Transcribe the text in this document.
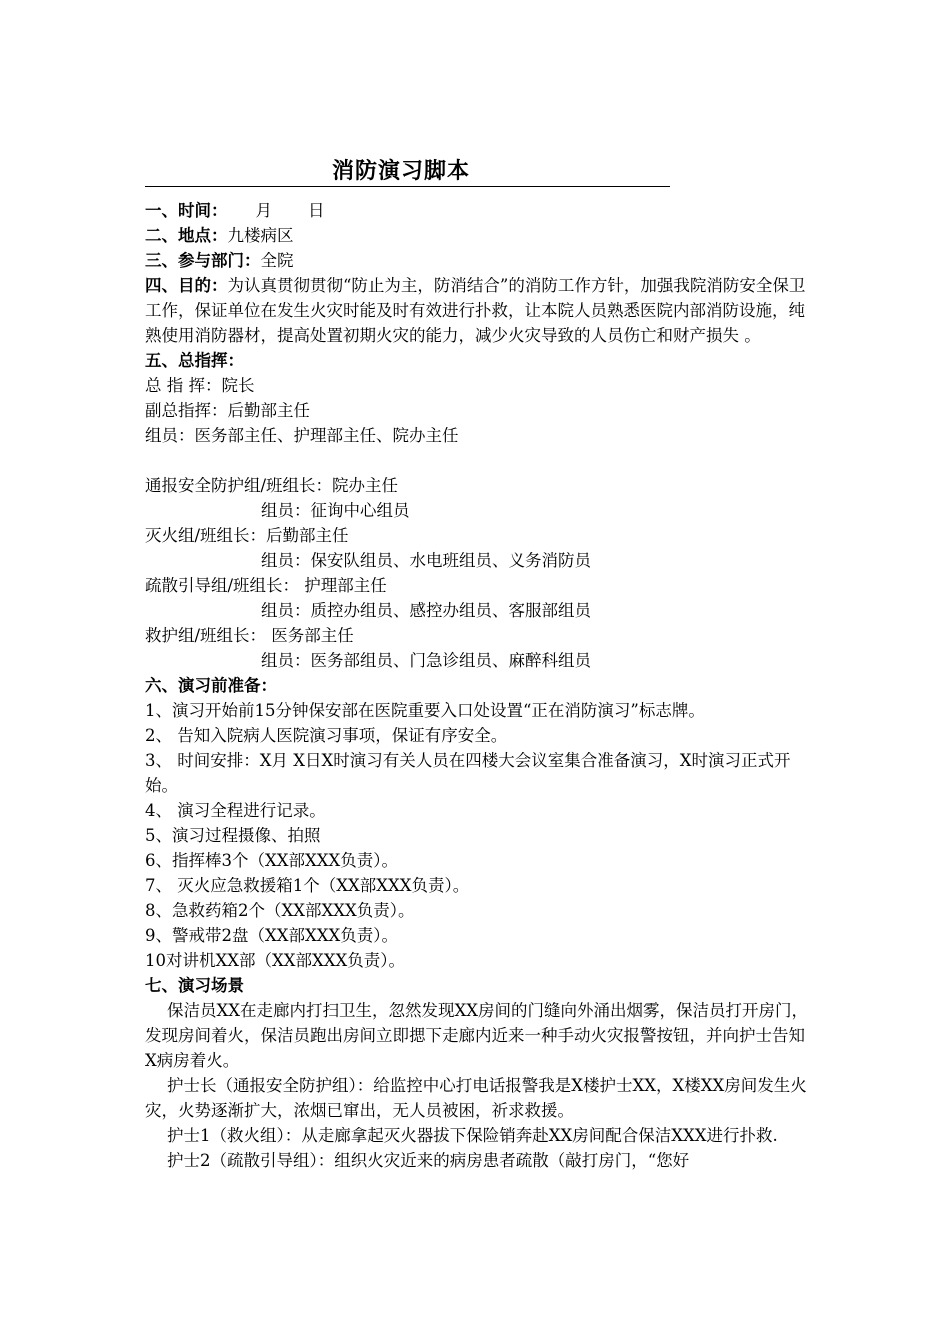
消防演习脚本
一、时间： 月 日
二、地点：九楼病区
三、参与部门：全院
四、目的：为认真贯彻贯彻“防止为主，防消结合”的消防工作方针，加强我院消防安全保卫工作，保证单位在发生火灾时能及时有效进行扑救，让本院人员熟悉医院内部消防设施，纯熟使用消防器材，提高处置初期火灾的能力，减少火灾导致的人员伤亡和财产损失 。
五、总指挥：
总 指 挥：院长
副总指挥：后勤部主任
组员：医务部主任、护理部主任、院办主任
通报安全防护组/班组长：院办主任
组员：征询中心组员
灭火组/班组长：后勤部主任
组员：保安队组员、水电班组员、义务消防员
疏散引导组/班组长： 护理部主任
组员：质控办组员、感控办组员、客服部组员
救护组/班组长： 医务部主任
组员：医务部组员、门急诊组员、麻醉科组员
六、演习前准备：
1、演习开始前15分钟保安部在医院重要入口处设置“正在消防演习”标志牌。
2、 告知入院病人医院演习事项，保证有序安全。
3、 时间安排：X月 X日X时演习有关人员在四楼大会议室集合准备演习，X时演习正式开始。
4、 演习全程进行记录。
5、演习过程摄像、拍照
6、指挥棒3个（XX部XXX负责）。
7、 灭火应急救援箱1个（XX部XXX负责）。
8、急救药箱2个（XX部XXX负责）。
9、警戒带2盘（XX部XXX负责）。
10对讲机XX部（XX部XXX负责）。
七、演习场景
保洁员XX在走廊内打扫卫生，忽然发现XX房间的门缝向外涌出烟雾，保洁员打开房门，发现房间着火，保洁员跑出房间立即揌下走廊内近来一种手动火灾报警按钮，并向护士告知X病房着火。
护士长（通报安全防护组）：给监控中心打电话报警我是X楼护士XX，X楼XX房间发生火灾，火势逐渐扩大，浓烟已窜出，无人员被困，祈求救援。
护士1（救火组）：从走廊拿起灭火器拔下保险销奔赴XX房间配合保洁XXX进行扑救.
护士2（疏散引导组）：组织火灾近来的病房患者疏散（敲打房门，“您好
